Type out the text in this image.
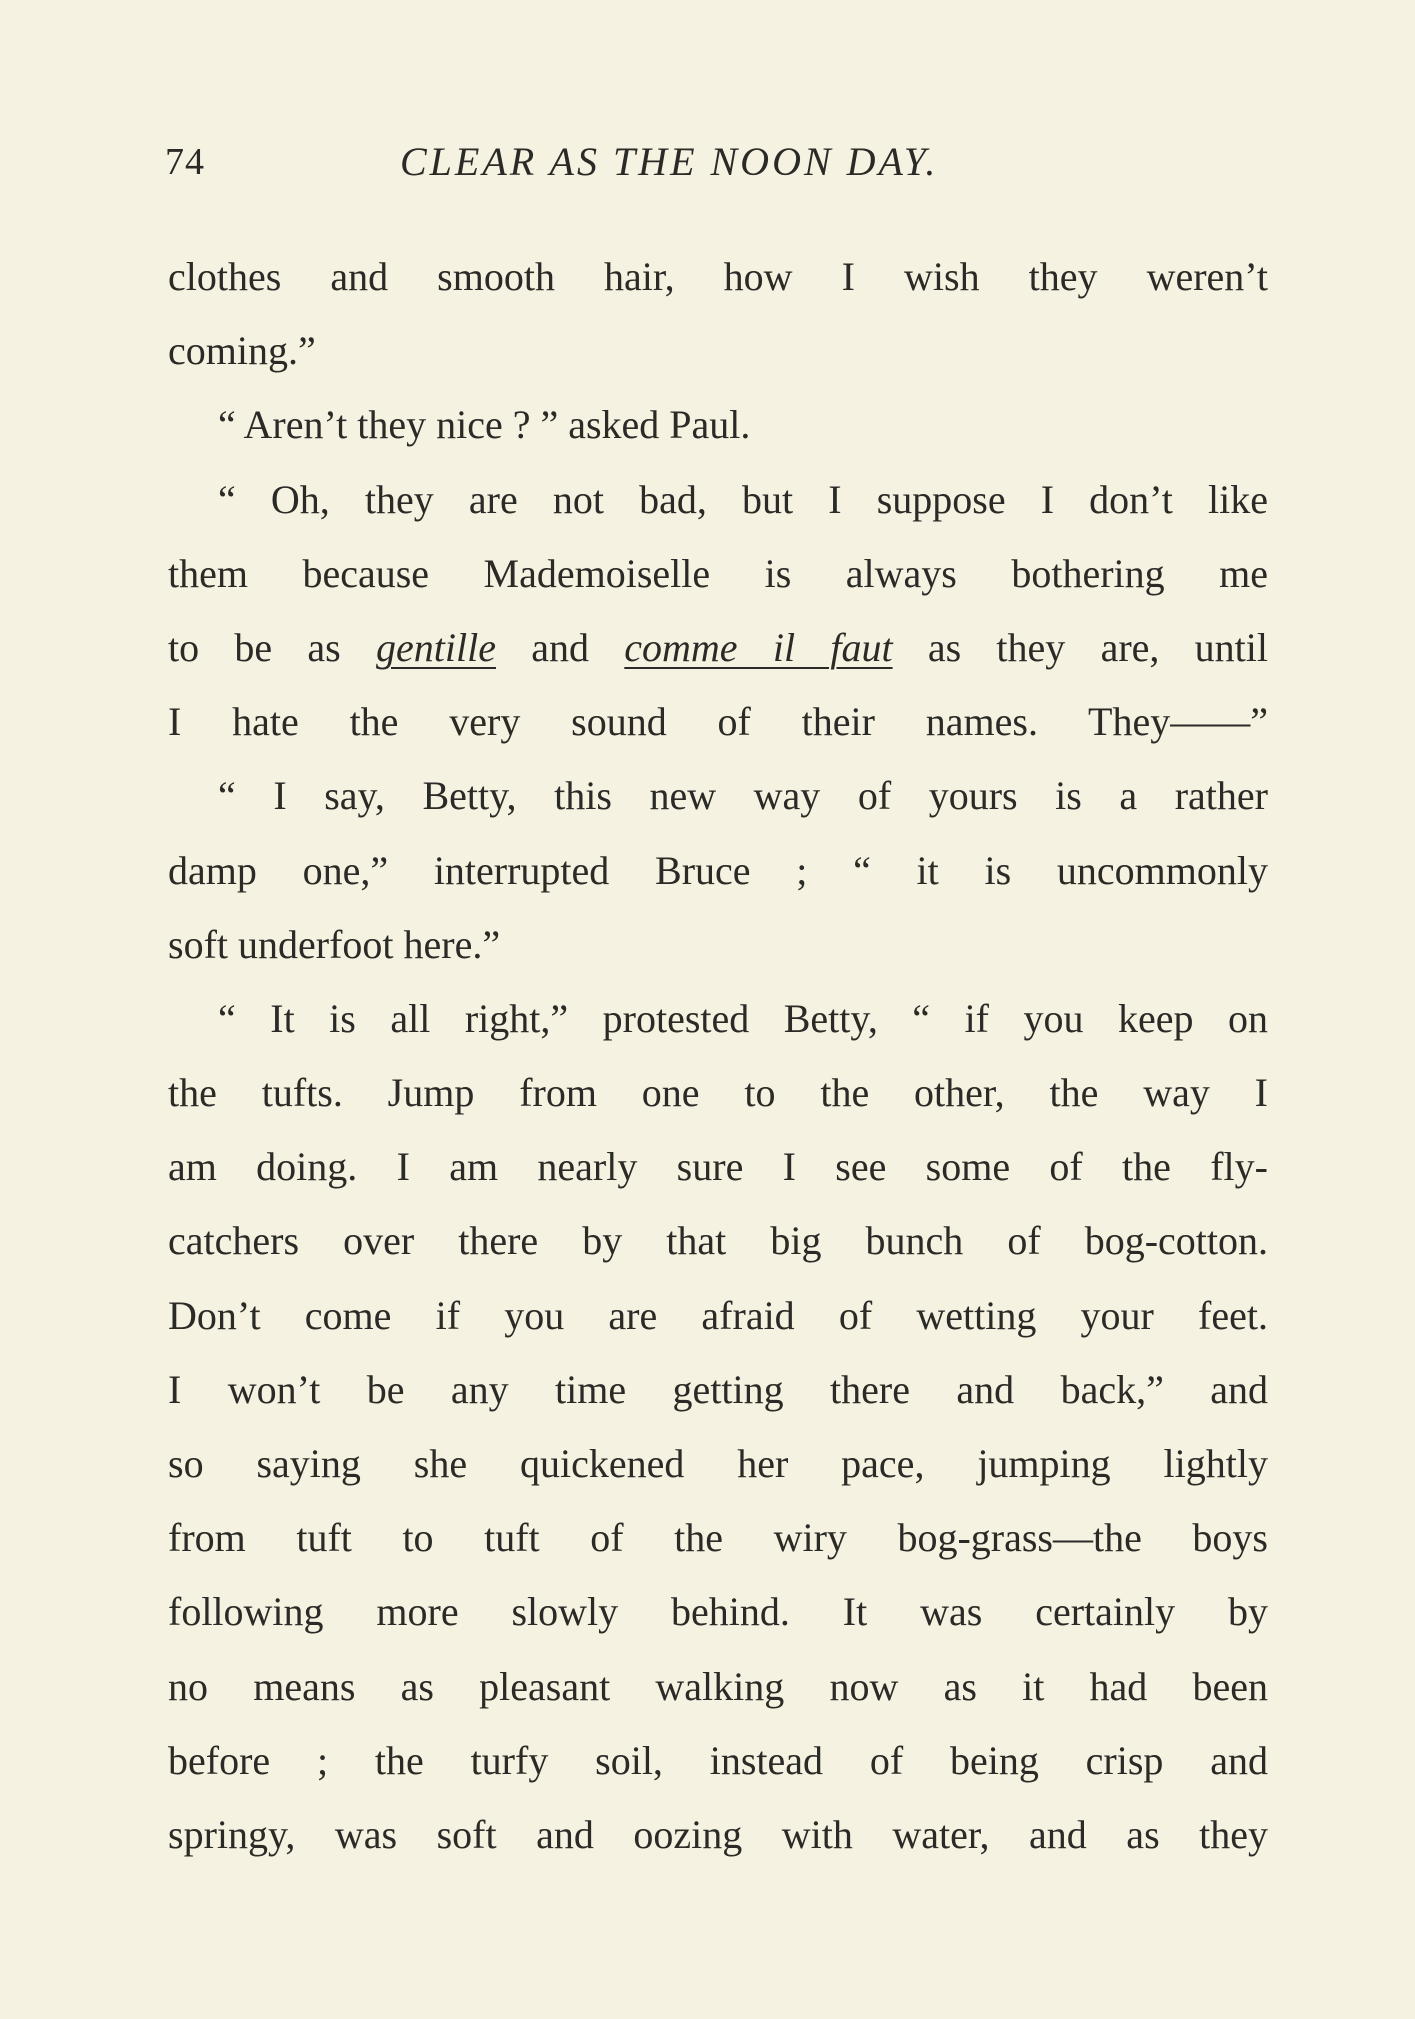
74	CLEAR AS THE NOON DAY.
clothes and smooth hair, how I wish they weren’t
coming.”
“ Aren’t they nice ? ” asked Paul.
“ Oh, they are not bad, but I suppose I don’t like
them because Mademoiselle is always bothering me
to be as gentille and comme il faut as they are, until
I hate the very sound of their names. They——”
“ I say, Betty, this new way of yours is a rather
damp one,” interrupted Bruce ; “ it is uncommonly
soft underfoot here.”
“ It is all right,” protested Betty, “ if you keep on
the tufts. Jump from one to the other, the way I
am doing. I am nearly sure I see some of the fly-
catchers over there by that big bunch of bog-cotton.
Don’t come if you are afraid of wetting your feet.
I won’t be any time getting there and back,” and
so saying she quickened her pace, jumping lightly
from tuft to tuft of the wiry bog-grass—the boys
following more slowly behind. It was certainly by
no means as pleasant walking now as it had been
before ; the turfy soil, instead of being crisp and
springy, was soft and oozing with water, and as they
